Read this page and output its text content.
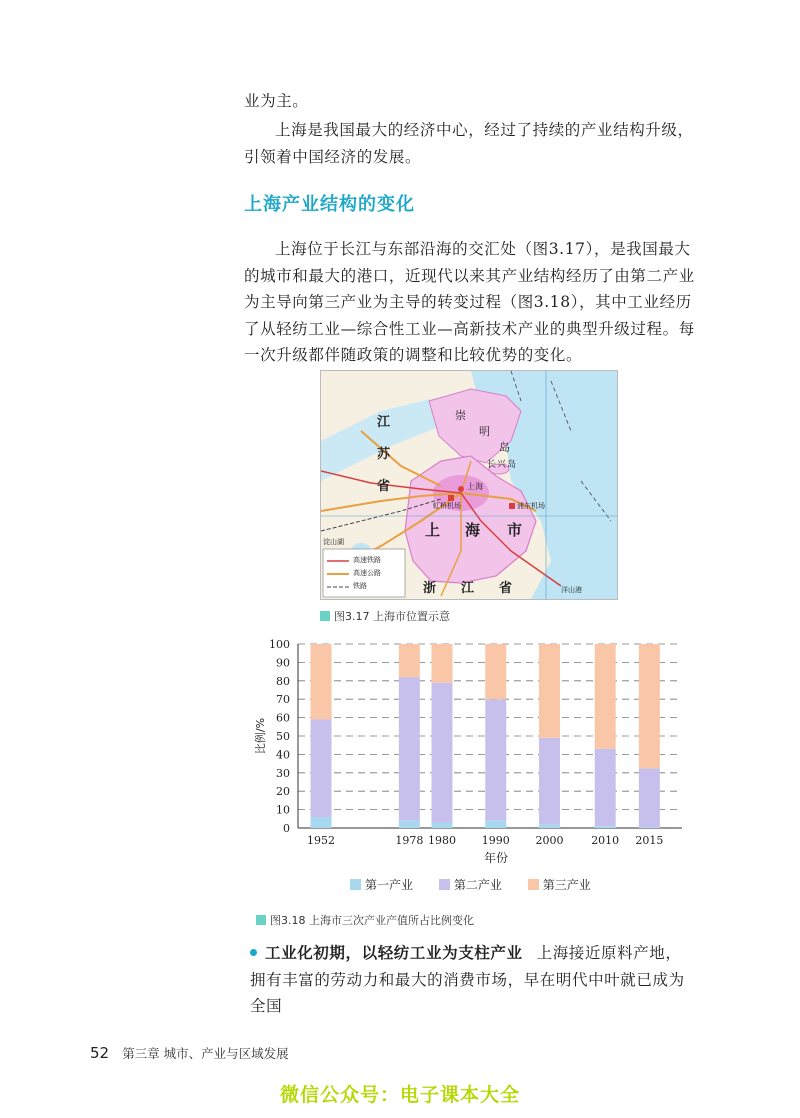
业为主。
上海是我国最大的经济中心，经过了持续的产业结构升级，引领着中国经济的发展。
上海产业结构的变化
上海位于长江与东部沿海的交汇处（图3.17），是我国最大的城市和最大的港口，近现代以来其产业结构经历了由第二产业为主导向第三产业为主导的转变过程（图3.18），其中工业经历了从轻纺工业—综合性工业—高新技术产业的典型升级过程。每一次升级都伴随政策的调整和比较优势的变化。
江
苏
省
崇
明
岛
长 兴 岛
上海
虹桥机场	浦东机场
上 海 市
浙 江 省	洋山港
淀山湖
高速铁路
高速公路
铁路
图3.17 上海市位置示意
0
10
20
30
40
50
60
70
80
90
100
1952	1978 1980 1990 2000	2010 2015
比例/%
年份
第一产业	第二产业	第三产业
图3.18 上海市三次产业产值所占比例变化
工业化初期，以轻纺工业为支柱产业 上海接近原料产地，
拥有丰富的劳动力和最大的消费市场，早在明代中叶就已成为全国
52 第三章 城市、产业与区域发展
微信公众号：电子课本大全
